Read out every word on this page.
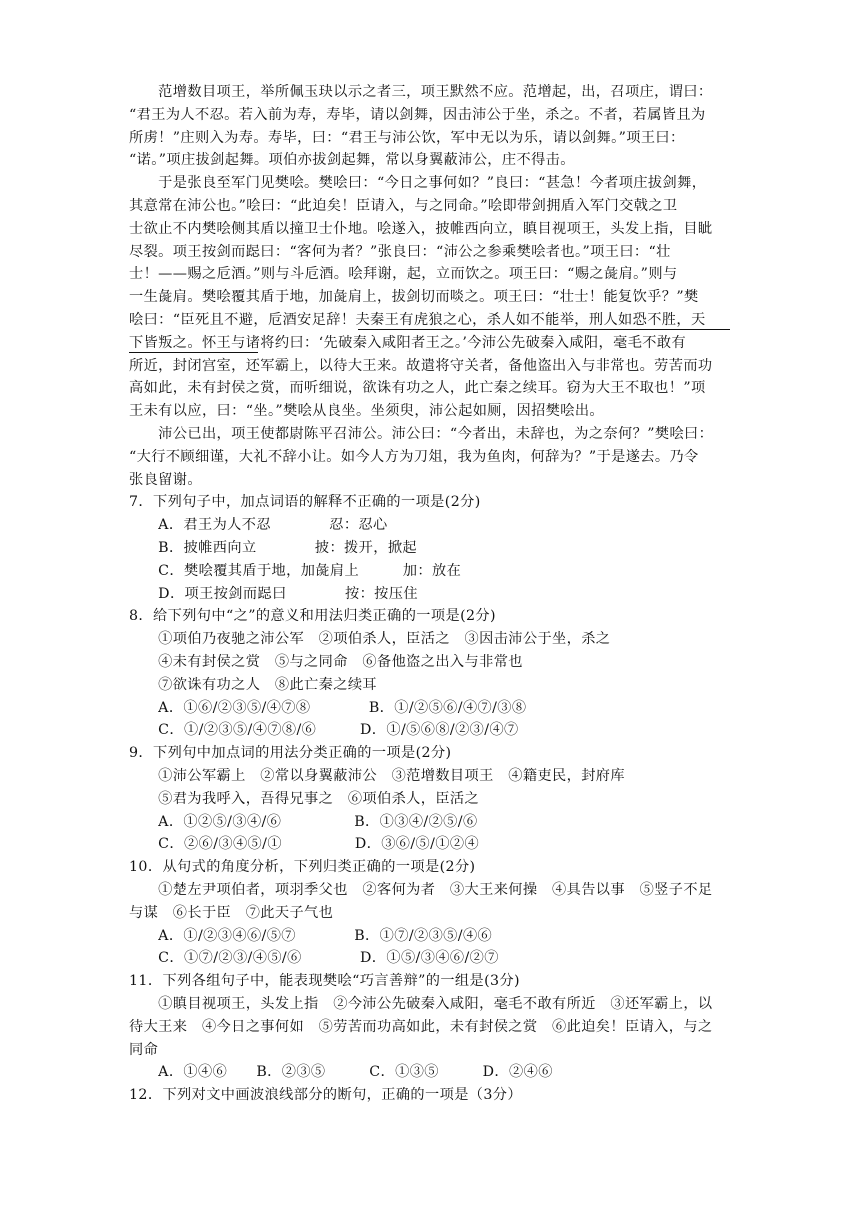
　　范增数目项王，举所佩玉玦以示之者三，项王默然不应。范增起，出，召项庄，谓曰：
“君王为人不忍。若入前为寿，寿毕，请以剑舞，因击沛公于坐，杀之。不者，若属皆且为
所虏！”庄则入为寿。寿毕，曰：“君王与沛公饮，军中无以为乐，请以剑舞。”项王曰：
“诺。”项庄拔剑起舞。项伯亦拔剑起舞，常以身翼蔽沛公，庄不得击。
　　于是张良至军门见樊哙。樊哙曰：“今日之事何如？”良曰：“甚急！今者项庄拔剑舞，
其意常在沛公也。”哙曰：“此迫矣！臣请入，与之同命。”哙即带剑拥盾入军门交戟之卫
士欲止不内樊哙侧其盾以撞卫士仆地。哙遂入，披帷西向立，瞋目视项王，头发上指，目眦
尽裂。项王按剑而跽曰：“客何为者？”张良曰：“沛公之参乘樊哙者也。”项王曰：“壮
士！——赐之卮酒。”则与斗卮酒。哙拜谢，起，立而饮之。项王曰：“赐之彘肩。”则与
一生彘肩。樊哙覆其盾于地，加彘肩上，拔剑切而啖之。项王曰：“壮士！能复饮乎？”樊
哙曰：“臣死且不避，卮酒安足辞！夫秦王有虎狼之心，杀人如不能举，刑人如恐不胜，天
下皆叛之。怀王与诸将约曰：‘先破秦入咸阳者王之。’今沛公先破秦入咸阳，毫毛不敢有
所近，封闭宫室，还军霸上，以待大王来。故遣将守关者，备他盗出入与非常也。劳苦而功
高如此，未有封侯之赏，而听细说，欲诛有功之人，此亡秦之续耳。窃为大王不取也！”项
王未有以应，曰：“坐。”樊哙从良坐。坐须臾，沛公起如厕，因招樊哙出。
　　沛公已出，项王使都尉陈平召沛公。沛公曰：“今者出，未辞也，为之奈何？”樊哙曰：
“大行不顾细谨，大礼不辞小让。如今人方为刀俎，我为鱼肉，何辞为？”于是遂去。乃令
张良留谢。
7．下列句子中，加点词语的解释不正确的一项是(2分)
　　A．君王为人不忍　　　　忍：忍心
　　B．披帷西向立　　　　披：拨开，掀起
　　C．樊哙覆其盾于地，加彘肩上　　　加：放在
　　D．项王按剑而跽曰　　　　按：按压住
8．给下列句中“之”的意义和用法归类正确的一项是(2分)
　　①项伯乃夜驰之沛公军　②项伯杀人，臣活之　③因击沛公于坐，杀之
　　④未有封侯之赏　⑤与之同命　⑥备他盗之出入与非常也
　　⑦欲诛有功之人　⑧此亡秦之续耳
　　A．①⑥/②③⑤/④⑦⑧　　　　B．①/②⑤⑥/④⑦/③⑧
　　C．①/②③⑤/④⑦⑧/⑥　　　D．①/⑤⑥⑧/②③/④⑦
9．下列句中加点词的用法分类正确的一项是(2分)
　　①沛公军霸上　②常以身翼蔽沛公　③范增数目项王　④籍吏民，封府库
　　⑤君为我呼入，吾得兄事之　⑥项伯杀人，臣活之
　　A．①②⑤/③④/⑥　　　　　B．①③④/②⑤/⑥
　　C．②⑥/③④⑤/①　　　　　D．③⑥/⑤/①②④
10．从句式的角度分析，下列归类正确的一项是(2分)
　　①楚左尹项伯者，项羽季父也　②客何为者　③大王来何操　④具告以事　⑤竖子不足
与谋　⑥长于臣　⑦此天子气也
　　A．①/②③④⑥/⑤⑦　　　　B．①⑦/②③⑤/④⑥
　　C．①⑦/②③/④⑤/⑥　　　　D．①⑤/③④⑥/②⑦
11．下列各组句子中，能表现樊哙“巧言善辩”的一组是(3分)
　　①瞋目视项王，头发上指　②今沛公先破秦入咸阳，毫毛不敢有所近　③还军霸上，以
待大王来　④今日之事何如　⑤劳苦而功高如此，未有封侯之赏　⑥此迫矣！臣请入，与之
同命
　　A．①④⑥　　B．②③⑤　　　C．①③⑤　　　D．②④⑥
12．下列对文中画波浪线部分的断句，正确的一项是（3分）
